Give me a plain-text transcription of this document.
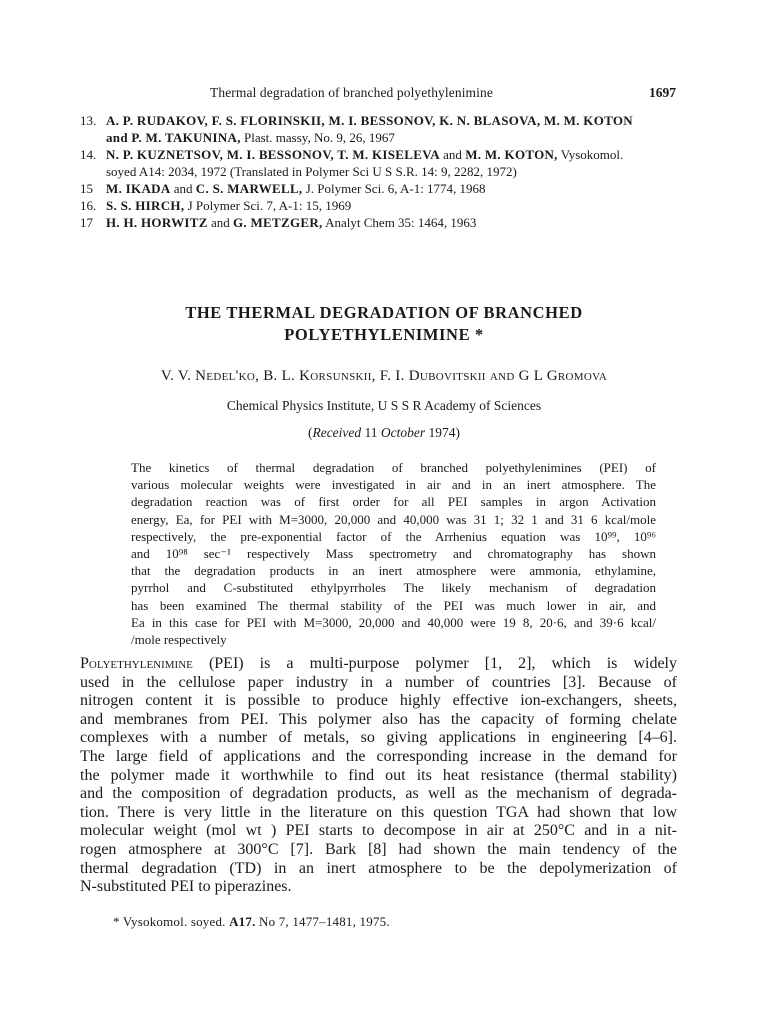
Thermal degradation of branched polyethylenimine	1697
13. A. P. RUDAKOV, F. S. FLORINSKII, M. I. BESSONOV, K. N. BLASOVA, M. M. KOTON
and P. M. TAKUNINA, Plast. massy, No. 9, 26, 1967
14. N. P. KUZNETSOV, M. I. BESSONOV, T. M. KISELEVA and M. M. KOTON, Vysokomol.
soyed A14: 2034, 1972 (Translated in Polymer Sci U S S.R. 14: 9, 2282, 1972)
15 M. IKADA and C. S. MARWELL, J. Polymer Sci. 6, A-1: 1774, 1968
16. S. S. HIRCH, J Polymer Sci. 7, A-1: 15, 1969
17 H. H. HORWITZ and G. METZGER, Analyt Chem 35: 1464, 1963
THE THERMAL DEGRADATION OF BRANCHED
POLYETHYLENIMINE *
V. V. Nedel'ko, B. L. Korsunskii, F. I. Dubovitskii and G L Gromova
Chemical Physics Institute, U S S R Academy of Sciences
(Received 11 October 1974)
The kinetics of thermal degradation of branched polyethylenimines (PEI) of
various molecular weights were investigated in air and in an inert atmosphere. The
degradation reaction was of first order for all PEI samples in argon Activation
energy, Ea, for PEI with M=3000, 20,000 and 40,000 was 31 1; 32 1 and 31 6 kcal/mole
respectively, the pre-exponential factor of the Arrhenius equation was 10⁹⁹, 10⁹⁶
and 10⁹⁸ sec⁻¹ respectively Mass spectrometry and chromatography has shown
that the degradation products in an inert atmosphere were ammonia, ethylamine,
pyrrhol and C-substituted ethylpyrrholes The likely mechanism of degradation
has been examined The thermal stability of the PEI was much lower in air, and
Ea in this case for PEI with M=3000, 20,000 and 40,000 were 19 8, 20·6, and 39·6 kcal/
/mole respectively
Polyethylenimine (PEI) is a multi-purpose polymer [1, 2], which is widely
used in the cellulose paper industry in a number of countries [3]. Because of
nitrogen content it is possible to produce highly effective ion-exchangers, sheets,
and membranes from PEI. This polymer also has the capacity of forming chelate
complexes with a number of metals, so giving applications in engineering [4–6].
The large field of applications and the corresponding increase in the demand for
the polymer made it worthwhile to find out its heat resistance (thermal stability)
and the composition of degradation products, as well as the mechanism of degrada-
tion. There is very little in the literature on this question TGA had shown that low
molecular weight (mol wt ) PEI starts to decompose in air at 250°C and in a nit-
rogen atmosphere at 300°C [7]. Bark [8] had shown the main tendency of the
thermal degradation (TD) in an inert atmosphere to be the depolymerization of
N-substituted PEI to piperazines.
* Vysokomol. soyed. A17. No 7, 1477–1481, 1975.
